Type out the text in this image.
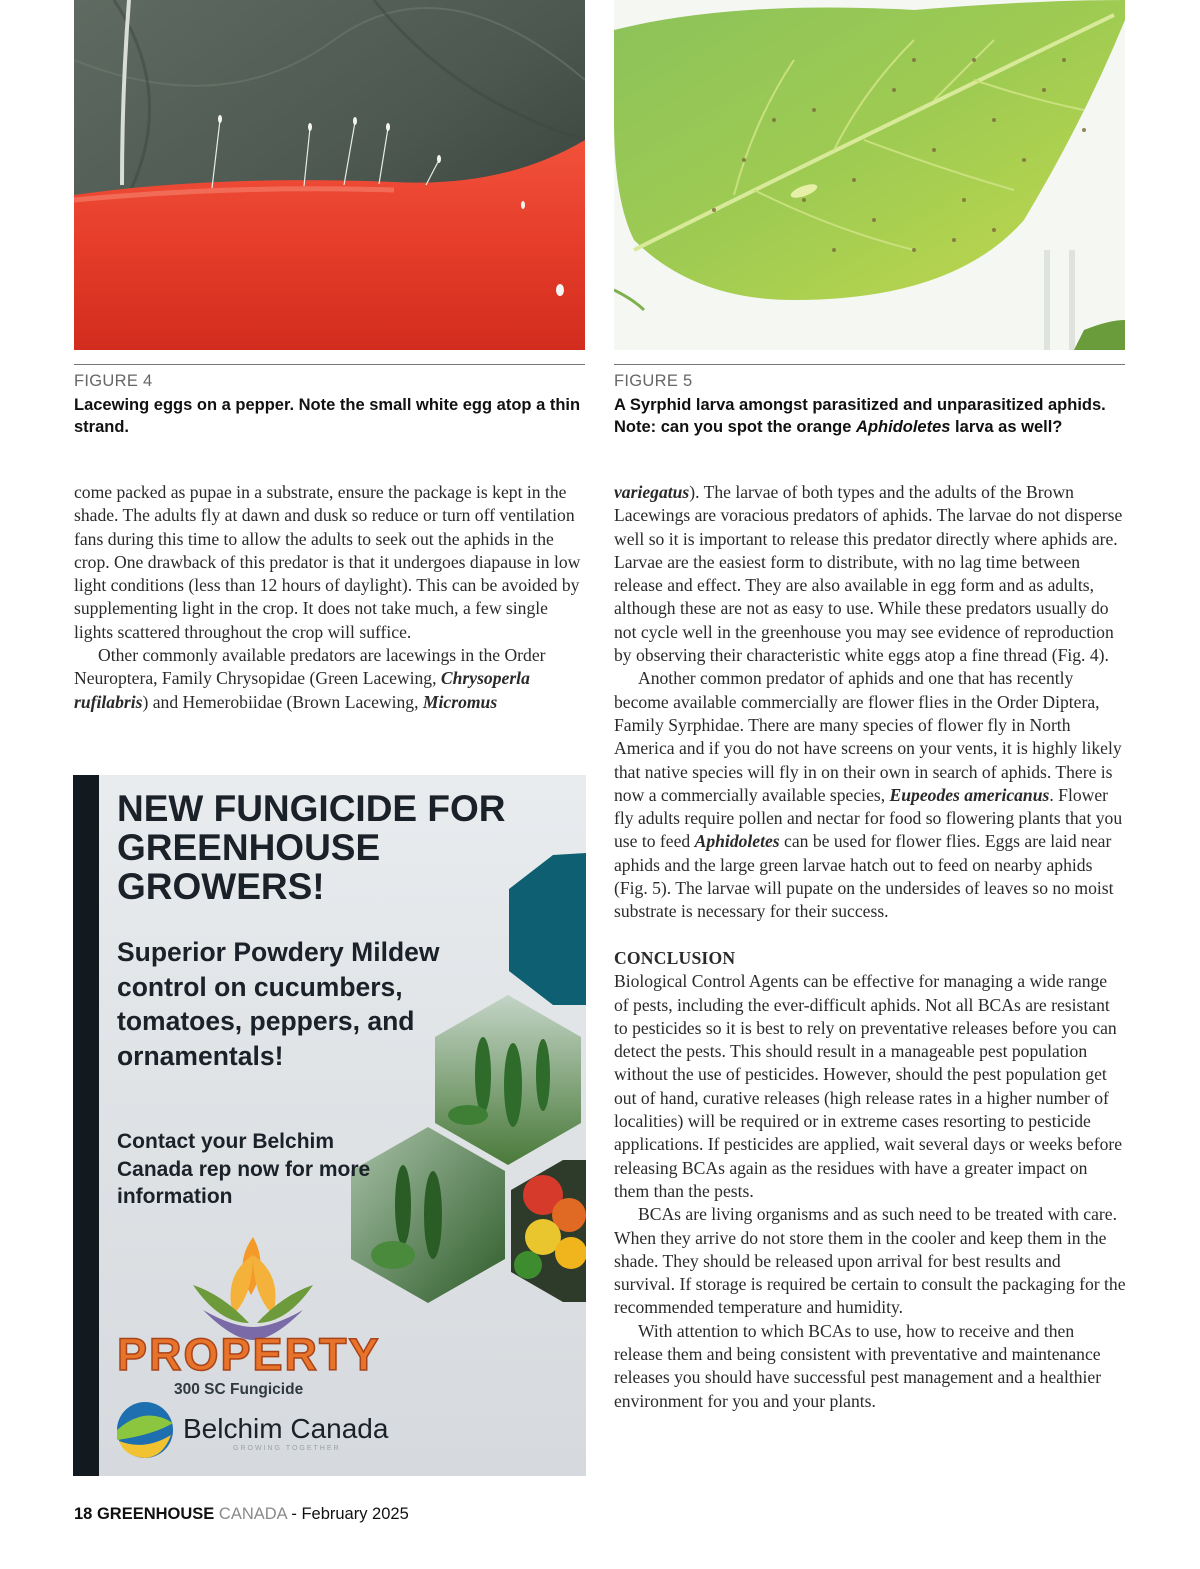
FIGURE 4
Lacewing eggs on a pepper. Note the small white egg atop a thin strand.
FIGURE 5
A Syrphid larva amongst parasitized and unparasitized aphids. Note: can you spot the orange Aphidoletes larva as well?

come packed as pupae in a substrate, ensure the package is kept in the shade. The adults fly at dawn and dusk so reduce or turn off ventilation fans during this time to allow the adults to seek out the aphids in the crop. One drawback of this predator is that it undergoes diapause in low light conditions (less than 12 hours of daylight). This can be avoided by supplementing light in the crop. It does not take much, a few single lights scattered throughout the crop will suffice.

Other commonly available predators are lacewings in the Order Neuroptera, Family Chrysopidae (Green Lacewing, Chrysoperla rufilabris) and Hemerobiidae (Brown Lacewing, Micromus

NEW FUNGICIDE FOR GREENHOUSE GROWERS!
Superior Powdery Mildew control on cucumbers, tomatoes, peppers, and ornamentals!
Contact your Belchim Canada rep now for more information
PROPERTY
300 SC Fungicide
Belchim Canada
GROWING TOGETHER

variegatus). The larvae of both types and the adults of the Brown Lacewings are voracious predators of aphids. The larvae do not disperse well so it is important to release this predator directly where aphids are. Larvae are the easiest form to distribute, with no lag time between release and effect. They are also available in egg form and as adults, although these are not as easy to use. While these predators usually do not cycle well in the greenhouse you may see evidence of reproduction by observing their characteristic white eggs atop a fine thread (Fig. 4).

Another common predator of aphids and one that has recently become available commercially are flower flies in the Order Diptera, Family Syrphidae. There are many species of flower fly in North America and if you do not have screens on your vents, it is highly likely that native species will fly in on their own in search of aphids. There is now a commercially available species, Eupeodes americanus. Flower fly adults require pollen and nectar for food so flowering plants that you use to feed Aphidoletes can be used for flower flies. Eggs are laid near aphids and the large green larvae hatch out to feed on nearby aphids (Fig. 5). The larvae will pupate on the undersides of leaves so no moist substrate is necessary for their success.

CONCLUSION

Biological Control Agents can be effective for managing a wide range of pests, including the ever-difficult aphids. Not all BCAs are resistant to pesticides so it is best to rely on preventative releases before you can detect the pests. This should result in a manageable pest population without the use of pesticides. However, should the pest population get out of hand, curative releases (high release rates in a higher number of localities) will be required or in extreme cases resorting to pesticide applications. If pesticides are applied, wait several days or weeks before releasing BCAs again as the residues with have a greater impact on them than the pests.

BCAs are living organisms and as such need to be treated with care. When they arrive do not store them in the cooler and keep them in the shade. They should be released upon arrival for best results and survival. If storage is required be certain to consult the packaging for the recommended temperature and humidity.

With attention to which BCAs to use, how to receive and then release them and being consistent with preventative and maintenance releases you should have successful pest management and a healthier environment for you and your plants.

18 GREENHOUSE CANADA - February 2025
